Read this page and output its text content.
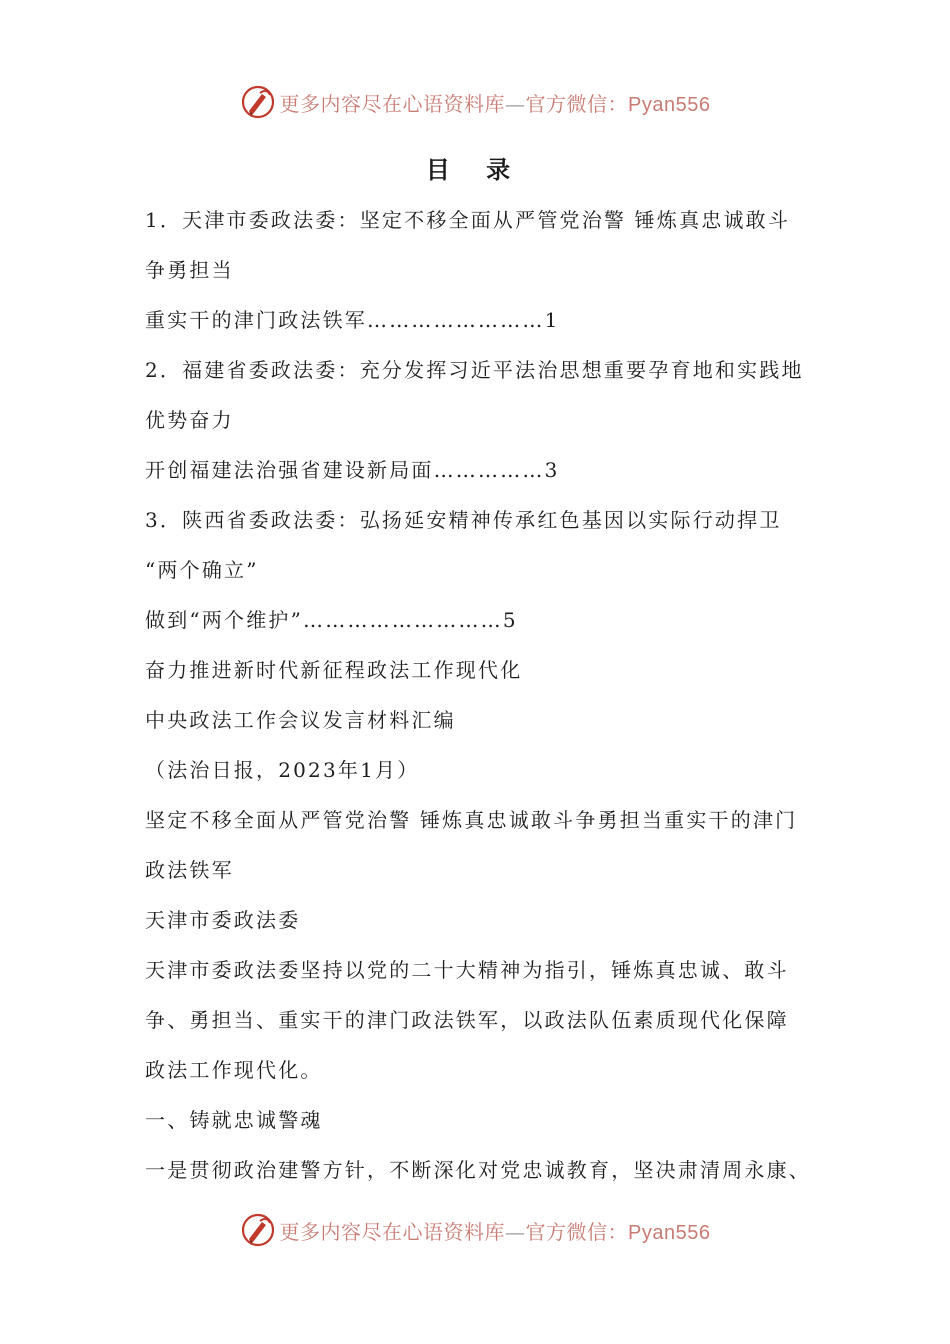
更多内容尽在心语资料库—官方微信：Pyan556
目 录
1．天津市委政法委：坚定不移全面从严管党治警 锤炼真忠诚敢斗
争勇担当
重实干的津门政法铁军……………………1
2．福建省委政法委：充分发挥习近平法治思想重要孕育地和实践地
优势奋力
开创福建法治强省建设新局面……………3
3．陕西省委政法委：弘扬延安精神传承红色基因以实际行动捍卫
“两个确立”
做到“两个维护”………………………5
奋力推进新时代新征程政法工作现代化
中央政法工作会议发言材料汇编
（法治日报，2023年1月）
坚定不移全面从严管党治警 锤炼真忠诚敢斗争勇担当重实干的津门
政法铁军
天津市委政法委
天津市委政法委坚持以党的二十大精神为指引，锤炼真忠诚、敢斗
争、勇担当、重实干的津门政法铁军，以政法队伍素质现代化保障
政法工作现代化。
一、铸就忠诚警魂
一是贯彻政治建警方针，不断深化对党忠诚教育，坚决肃清周永康、
更多内容尽在心语资料库—官方微信：Pyan556
